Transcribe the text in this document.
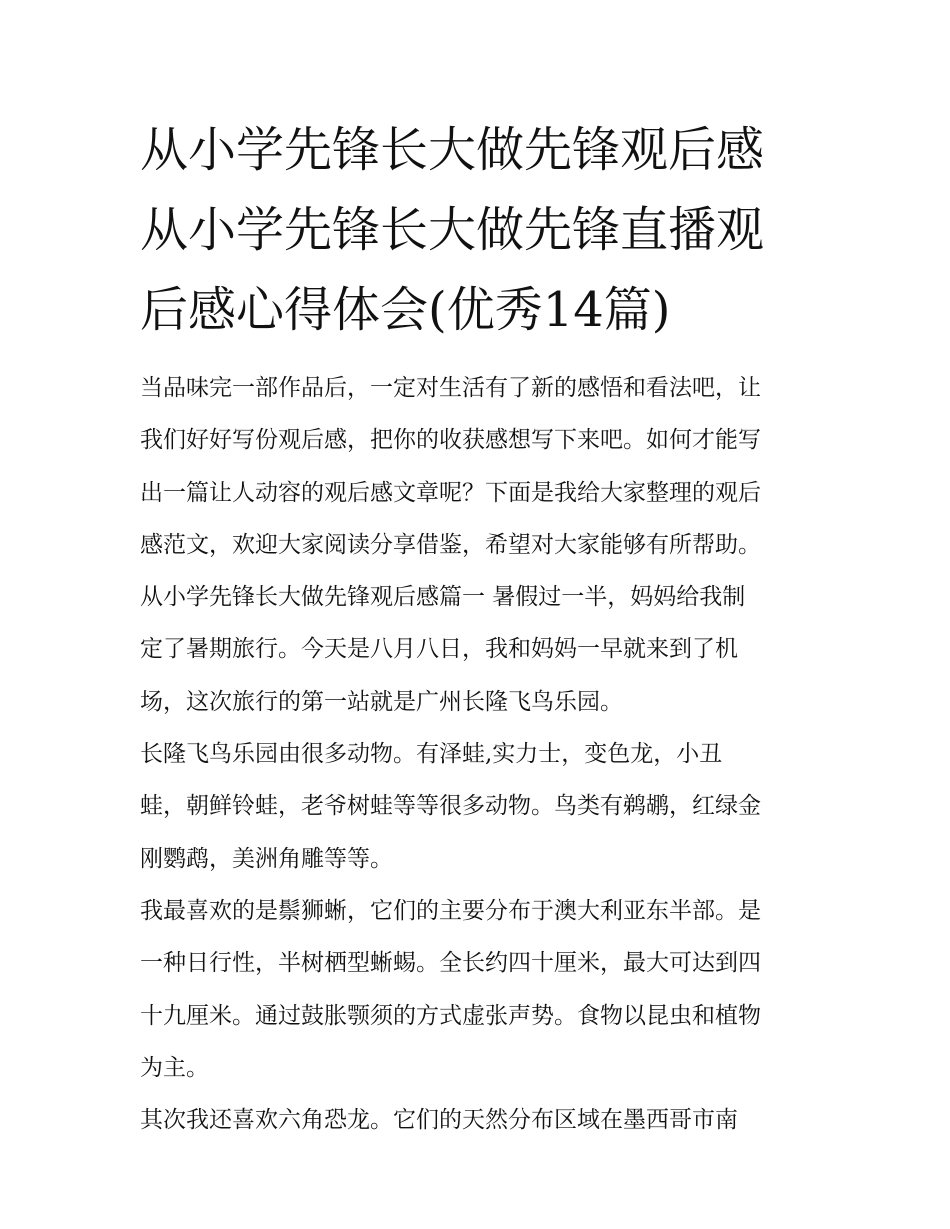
从小学先锋长大做先锋观后感
从小学先锋长大做先锋直播观
后感心得体会(优秀14篇)

当品味完一部作品后，一定对生活有了新的感悟和看法吧，让
我们好好写份观后感，把你的收获感想写下来吧。如何才能写
出一篇让人动容的观后感文章呢？下面是我给大家整理的观后
感范文，欢迎大家阅读分享借鉴，希望对大家能够有所帮助。

从小学先锋长大做先锋观后感篇一 暑假过一半，妈妈给我制
定了暑期旅行。今天是八月八日，我和妈妈一早就来到了机
场，这次旅行的第一站就是广州长隆飞鸟乐园。

长隆飞鸟乐园由很多动物。有泽蛙,实力士，变色龙，小丑
蛙，朝鲜铃蛙，老爷树蛙等等很多动物。鸟类有鹈鹕，红绿金
刚鹦鹉，美洲角雕等等。

我最喜欢的是鬃狮蜥，它们的主要分布于澳大利亚东半部。是
一种日行性，半树栖型蜥蜴。全长约四十厘米，最大可达到四
十九厘米。通过鼓胀颚须的方式虚张声势。食物以昆虫和植物
为主。

其次我还喜欢六角恐龙。它们的天然分布区域在墨西哥市南
